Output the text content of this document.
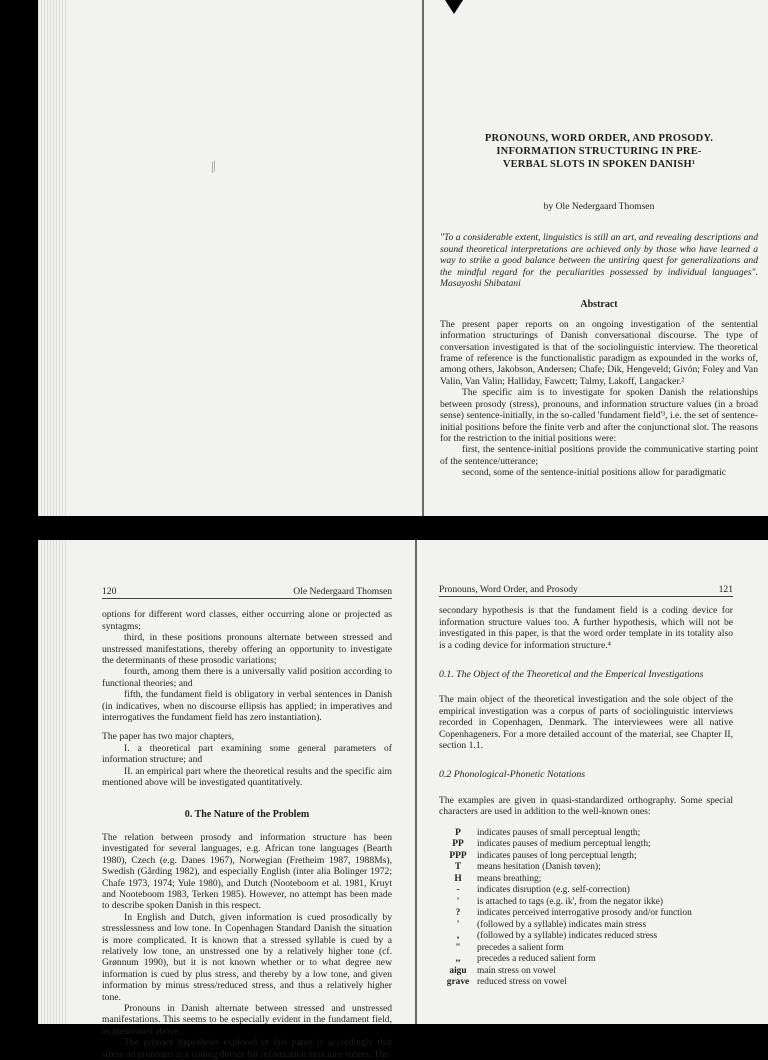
⁄⁄
PRONOUNS, WORD ORDER, AND PROSODY.
INFORMATION STRUCTURING IN PRE-
VERBAL SLOTS IN SPOKEN DANISH¹
by Ole Nedergaard Thomsen

"To a considerable extent, linguistics is still an art, and revealing descriptions and sound theoretical interpretations are achieved only by those who have learned a way to strike a good balance between the untiring quest for generalizations and the mindful regard for the peculiarities possessed by individual languages". Masayoshi Shibatani

Abstract

The present paper reports on an ongoing investigation of the sentential information structurings of Danish conversational discourse. The type of conversation investigated is that of the sociolinguistic interview. The theoretical frame of reference is the functionalistic paradigm as expounded in the works of, among others, Jakobson, Andersen; Chafe; Dik, Hengeveld; Givón; Foley and Van Valin, Van Valin; Halliday, Fawcett; Talmy, Lakoff, Langacker.²

The specific aim is to investigate for spoken Danish the relationships between prosody (stress), pronouns, and information structure values (in a broad sense) sentence-initially, in the so-called 'fundament field'³, i.e. the set of sentence-initial positions before the finite verb and after the conjunctional slot. The reasons for the restriction to the initial positions were:

first, the sentence-initial positions provide the communicative starting point of the sentence/utterance;

second, some of the sentence-initial positions allow for paradigmatic

120	Ole Nedergaard Thomsen

options for different word classes, either occurring alone or projected as syntagms;

third, in these positions pronouns alternate between stressed and unstressed manifestations, thereby offering an opportunity to investigate the determinants of these prosodic variations;

fourth, among them there is a universally valid position according to functional theories; and

fifth, the fundament field is obligatory in verbal sentences in Danish (in indicatives, when no discourse ellipsis has applied; in imperatives and interrogatives the fundament field has zero instantiation).

The paper has two major chapters,

I. a theoretical part examining some general parameters of information structure; and

II. an empirical part where the theoretical results and the specific aim mentioned above will be investigated quantitatively.

0. The Nature of the Problem

The relation between prosody and information structure has been investigated for several languages, e.g. African tone languages (Bearth 1980), Czech (e.g. Danes 1967), Norwegian (Fretheim 1987, 1988Ms), Swedish (Gårding 1982), and especially English (inter alia Bolinger 1972; Chafe 1973, 1974; Yule 1980), and Dutch (Nooteboom et al. 1981, Kruyt and Nooteboom 1983, Terken 1985). However, no attempt has been made to describe spoken Danish in this respect.

In English and Dutch, given information is cued prosodically by stresslessness and low tone. In Copenhagen Standard Danish the situation is more complicated. It is known that a stressed syllable is cued by a relatively low tone, an unstressed one by a relatively higher tone (cf. Grønnum 1990), but it is not known whether or to what degree new information is cued by plus stress, and thereby by a low tone, and given information by minus stress/reduced stress, and thus a relatively higher tone.

Pronouns in Danish alternate between stressed and unstressed manifestations. This seems to be especially evident in the fundament field, as mentioned above.

The primary hypothesis explored in this paper is accordingly that stress on pronouns is a coding device for information structure values. The

Pronouns, Word Order, and Prosody	121

secondary hypothesis is that the fundament field is a coding device for information structure values too. A further hypothesis, which will not be investigated in this paper, is that the word order template in its totality also is a coding device for information structure.⁴

0.1. The Object of the Theoretical and the Emperical Investigations

The main object of the theoretical investigation and the sole object of the empirical investigation was a corpus of parts of sociolinguistic interviews recorded in Copenhagen, Denmark. The interviewees were all native Copenhageners. For a more detailed account of the material, see Chapter II, section 1.1.

0.2 Phonological-Phonetic Notations

The examples are given in quasi-standardized orthography. Some special characters are used in addition to the well-known ones:

P	indicates pauses of small perceptual length;
PP	indicates pauses of medium perceptual length;
PPP	indicates pauses of long perceptual length;
T	means hesitation (Danish tøven);
H	means breathing;
-	indicates disruption (e.g. self-correction)
'	is attached to tags (e.g. ik', from the negator ikke)
?	indicates perceived interrogative prosody and/or function
'	(followed by a syllable) indicates main stress
,	(followed by a syllable) indicates reduced stress
"	precedes a salient form
,,	precedes a reduced salient form
aigu	main stress on vowel
grave reduced stress on vowel
